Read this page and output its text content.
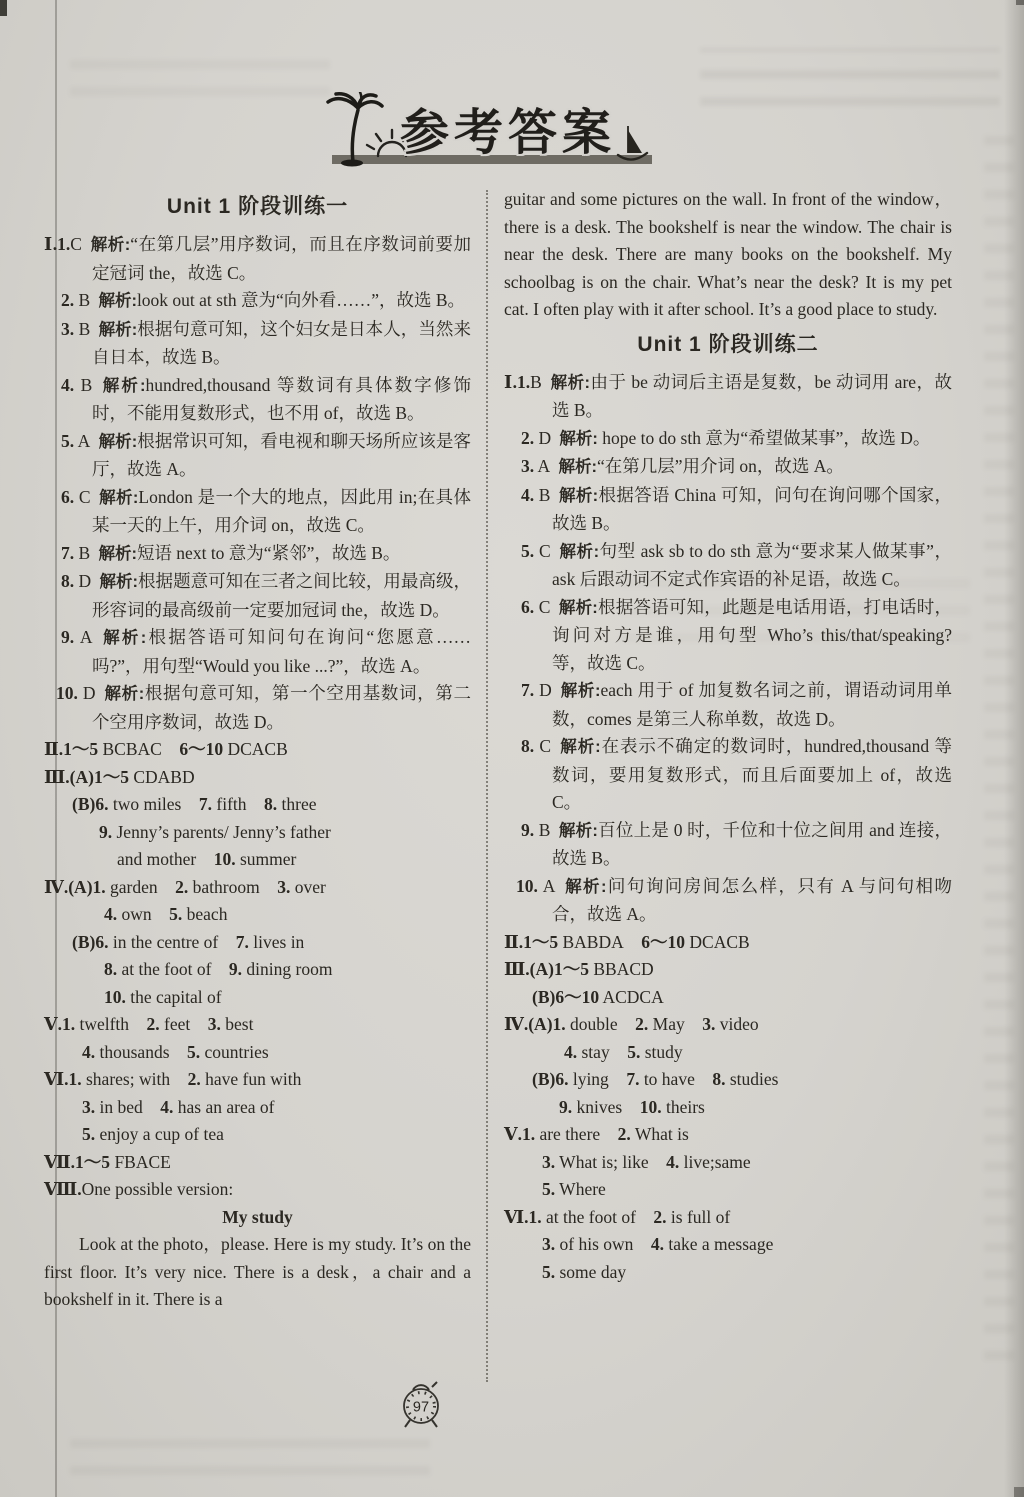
参考答案
Unit 1 阶段训练一

Ⅰ.1.C 解析:“在第几层”用序数词，而且在序数词前要加定冠词 the，故选 C。

2. B 解析:look out at sth 意为“向外看……”，故选 B。

3. B 解析:根据句意可知，这个妇女是日本人，当然来自日本，故选 B。

4. B 解析:hundred,thousand 等数词有具体数字修饰时，不能用复数形式，也不用 of，故选 B。

5. A 解析:根据常识可知，看电视和聊天场所应该是客厅，故选 A。

6. C 解析:London 是一个大的地点，因此用 in;在具体某一天的上午，用介词 on，故选 C。

7. B 解析:短语 next to 意为“紧邻”，故选 B。

8. D 解析:根据题意可知在三者之间比较，用最高级，形容词的最高级前一定要加冠词 the，故选 D。

9. A 解析:根据答语可知问句在询问“您愿意……吗?”，用句型“Would you like ...?”，故选 A。

10. D 解析:根据句意可知，第一个空用基数词，第二个空用序数词，故选 D。

Ⅱ.1～5 BCBAC 6～10 DCACB

Ⅲ.(A)1～5 CDABD

(B)6. two miles 7. fifth 8. three

9. Jenny’s parents/ Jenny’s father

and mother 10. summer

Ⅳ.(A)1. garden 2. bathroom 3. over

4. own 5. beach

(B)6. in the centre of 7. lives in

8. at the foot of 9. dining room

10. the capital of

Ⅴ.1. twelfth 2. feet 3. best

4. thousands 5. countries

Ⅵ.1. shares; with 2. have fun with

3. in bed 4. has an area of

5. enjoy a cup of tea

Ⅶ.1～5 FBACE

Ⅷ.One possible version:

My study

Look at the photo，please. Here is my study. It’s on the first floor. It’s very nice. There is a desk，a chair and a bookshelf in it. There is a

guitar and some pictures on the wall. In front of the window，there is a desk. The bookshelf is near the window. The chair is near the desk. There are many books on the bookshelf. My schoolbag is on the chair. What’s near the desk? It is my pet cat. I often play with it after school. It’s a good place to study.

Unit 1 阶段训练二

Ⅰ.1.B 解析:由于 be 动词后主语是复数，be 动词用 are，故选 B。

2. D 解析: hope to do sth 意为“希望做某事”，故选 D。

3. A 解析:“在第几层”用介词 on，故选 A。

4. B 解析:根据答语 China 可知，问句在询问哪个国家，故选 B。

5. C 解析:句型 ask sb to do sth 意为“要求某人做某事”，ask 后跟动词不定式作宾语的补足语，故选 C。

6. C 解析:根据答语可知，此题是电话用语，打电话时，询问对方是谁，用句型 Who’s this/that/speaking? 等，故选 C。

7. D 解析:each 用于 of 加复数名词之前，谓语动词用单数，comes 是第三人称单数，故选 D。

8. C 解析:在表示不确定的数词时，hundred,thousand 等数词，要用复数形式，而且后面要加上 of，故选 C。

9. B 解析:百位上是 0 时，千位和十位之间用 and 连接，故选 B。

10. A 解析:问句询问房间怎么样，只有 A 与问句相吻合，故选 A。

Ⅱ.1～5 BABDA 6～10 DCACB

Ⅲ.(A)1～5 BBACD

(B)6～10 ACDCA

Ⅳ.(A)1. double 2. May 3. video

4. stay 5. study

(B)6. lying 7. to have 8. studies

9. knives 10. theirs

Ⅴ.1. are there 2. What is

3. What is; like 4. live;same

5. Where

Ⅵ.1. at the foot of 2. is full of

3. of his own 4. take a message

5. some day

97
